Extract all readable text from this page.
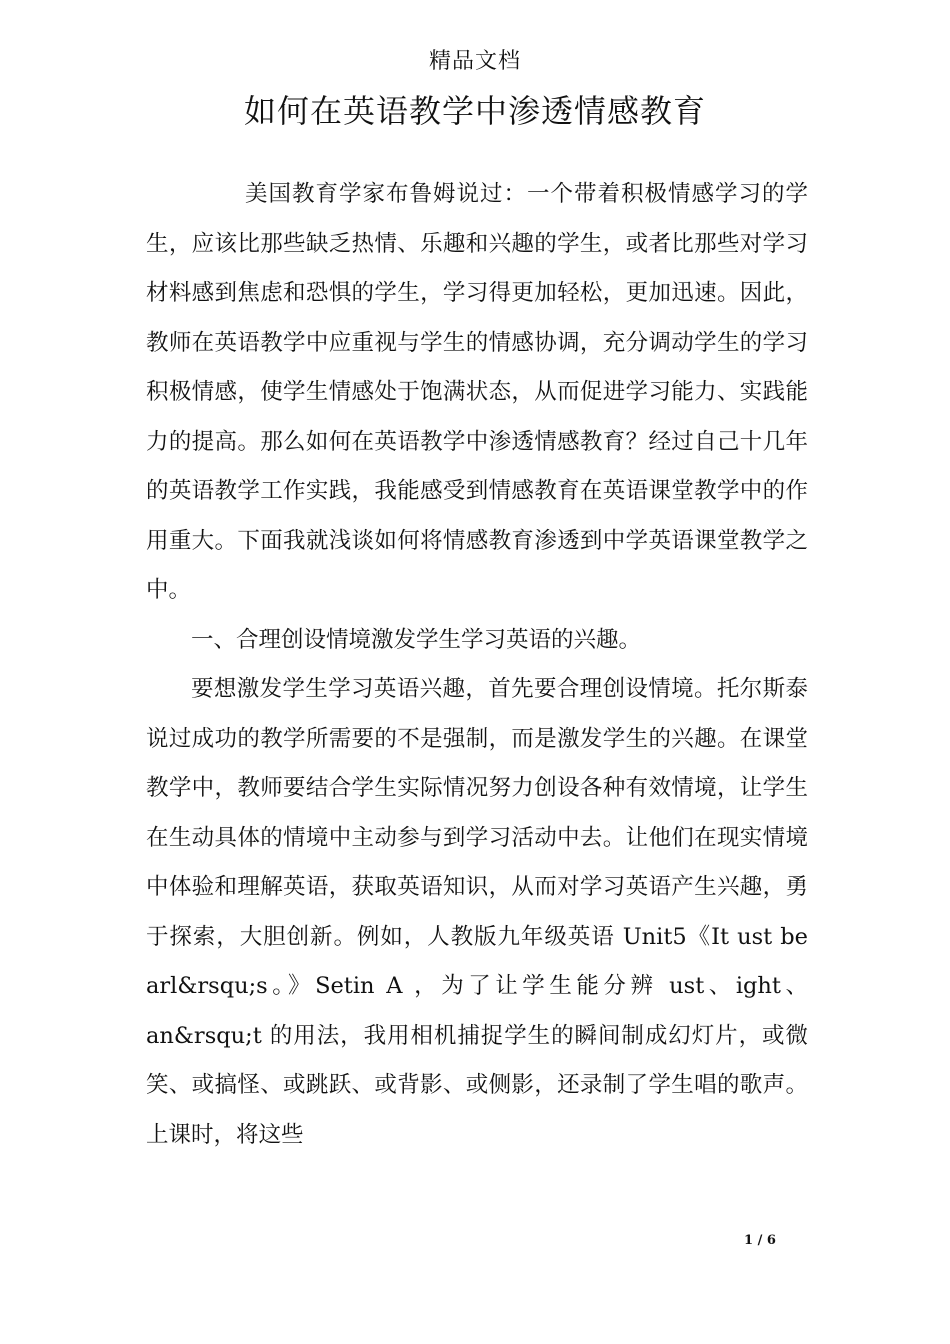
精品文档
如何在英语教学中渗透情感教育

美国教育学家布鲁姆说过：一个带着积极情感学习的学生，应该比那些缺乏热情、乐趣和兴趣的学生，或者比那些对学习材料感到焦虑和恐惧的学生，学习得更加轻松，更加迅速。因此，教师在英语教学中应重视与学生的情感协调，充分调动学生的学习积极情感，使学生情感处于饱满状态，从而促进学习能力、实践能力的提高。那么如何在英语教学中渗透情感教育？经过自己十几年的英语教学工作实践，我能感受到情感教育在英语课堂教学中的作用重大。下面我就浅谈如何将情感教育渗透到中学英语课堂教学之中。

一、合理创设情境激发学生学习英语的兴趣。

要想激发学生学习英语兴趣，首先要合理创设情境。托尔斯泰说过成功的教学所需要的不是强制，而是激发学生的兴趣。在课堂教学中，教师要结合学生实际情况努力创设各种有效情境，让学生在生动具体的情境中主动参与到学习活动中去。让他们在现实情境中体验和理解英语，获取英语知识，从而对学习英语产生兴趣，勇于探索，大胆创新。例如，人教版九年级英语 Unit5《It ust be arl&rsqu;s。》Setin A ，为了让学生能分辨 ust、ight、an&rsqu;t 的用法，我用相机捕捉学生的瞬间制成幻灯片，或微笑、或搞怪、或跳跃、或背影、或侧影，还录制了学生唱的歌声。上课时，将这些

1 / 6
